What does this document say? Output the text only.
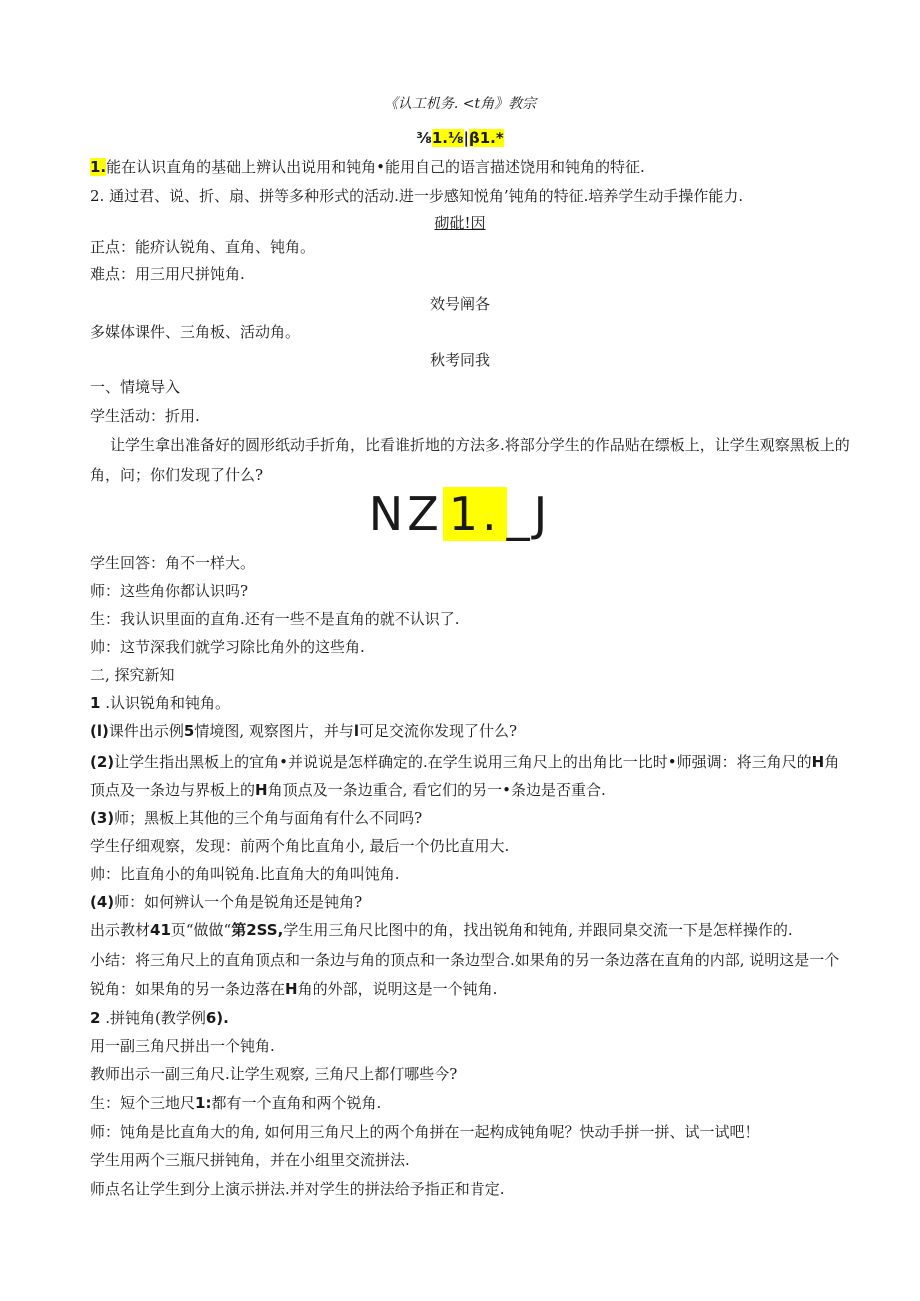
《认工机务. <t角》教宗
⅜1.⅛|β1.*
1.能在认识直角的基础上辨认出说用和钝角•能用自己的语言描述饶用和钝角的特征.
2. 通过君、说、折、扇、拼等多种形式的活动.进一步感知悦角’钝角的特征.培养学生动手操作能力.
砌砒!因
正点：能疥认锐角、直角、钝角。
难点：用三用尺拼饨角.
效号阐各
多媒体课件、三角板、活动角。
秋考同我
一、情境导入
学生活动：折用.
让学生拿出准备好的圆形纸动手折角，比看谁折地的方法多.将部分学生的作品贴在缥板上，让学生观察黑板上的
角，问；你们发现了什么?
NZ 1. _J
学生回答：角不一样大。
师：这些角你都认识吗?
生：我认识里面的直角.还有一些不是直角的就不认识了.
帅：这节深我们就学习除比角外的这些角.
二, 探究新知
1 .认识锐角和钝角。
(l)课件出示例5情境图, 观察图片，并与l可足交流你发现了什么?
(2)让学生指出黑板上的宜角•并说说是怎样确定的.在学生说用三角尺上的出角比一比时•师强调：将三角尺的H角
顶点及一条边与界板上的H角顶点及一条边重合, 看它们的另一•条边是否重合.
(3)师；黑板上其他的三个角与面角有什么不同吗?
学生仔细观察，发现：前两个角比直角小, 最后一个仍比直用大.
帅：比直角小的角叫锐角.比直角大的角叫饨角.
(4)师：如何辨认一个角是锐角还是钝角?
出示教材41页“做做“第2SS,学生用三角尺比图中的角，找出锐角和钝角, 并跟同臬交流一下是怎样操作的.
小结：将三角尺上的直角顶点和一条边与角的顶点和一条边型合.如果角的另一条边落在直角的内部, 说明这是一个
锐角：如果角的另一条边落在H角的外部，说明这是一个钝角.
2 .拼钝角(教学例6).
用一副三角尺拼出一个钝角.
教师出示一副三角尺.让学生观察, 三角尺上都仃哪些今?
生：短个三地尺1:都有一个直角和两个锐角.
师：饨角是比直角大的角, 如何用三角尺上的两个角拼在一起构成钝角呢？快动手拼一拼、试一试吧！
学生用两个三瓶尺拼钝角，并在小组里交流拼法.
师点名让学生到分上演示拼法.并对学生的拼法给予指正和肯定.
